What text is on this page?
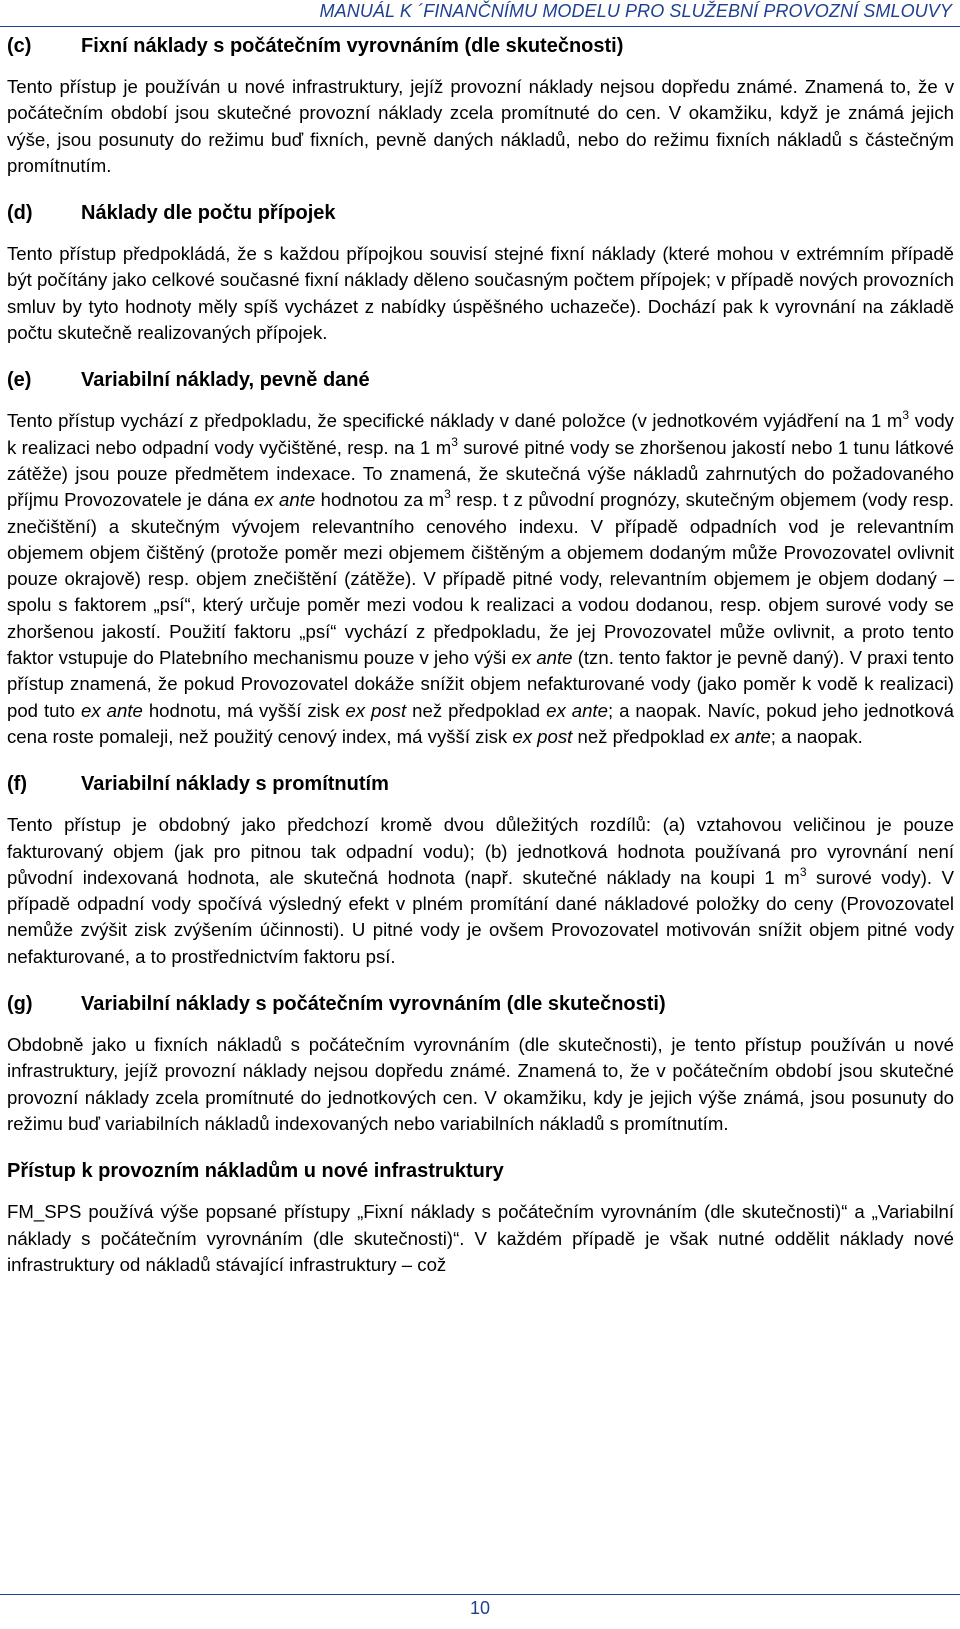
MANUÁL K ´FINANČNÍMU MODELU PRO SLUŽEBNÍ PROVOZNÍ SMLOUVY
(c)	Fixní náklady s počátečním vyrovnáním (dle skutečnosti)

Tento přístup je používán u nové infrastruktury, jejíž provozní náklady nejsou dopředu známé. Znamená to, že v počátečním období jsou skutečné provozní náklady zcela promítnuté do cen. V okamžiku, když je známá jejich výše, jsou posunuty do režimu buď fixních, pevně daných nákladů, nebo do režimu fixních nákladů s částečným promítnutím.

(d)	Náklady dle počtu přípojek

Tento přístup předpokládá, že s každou přípojkou souvisí stejné fixní náklady (které mohou v extrémním případě být počítány jako celkové současné fixní náklady děleno současným počtem přípojek; v případě nových provozních smluv by tyto hodnoty měly spíš vycházet z nabídky úspěšného uchazeče). Dochází pak k vyrovnání na základě počtu skutečně realizovaných přípojek.

(e)	Variabilní náklady, pevně dané

Tento přístup vychází z předpokladu, že specifické náklady v dané položce (v jednotkovém vyjádření na 1 $m^3$ vody k realizaci nebo odpadní vody vyčištěné, resp. na 1 $m^3$ surové pitné vody se zhoršenou jakostí nebo 1 tunu látkové zátěže) jsou pouze předmětem indexace. To znamená, že skutečná výše nákladů zahrnutých do požadovaného příjmu Provozovatele je dána ex ante hodnotou za $m^3$ resp. t z původní prognózy, skutečným objemem (vody resp. znečištění) a skutečným vývojem relevantního cenového indexu. V případě odpadních vod je relevantním objemem objem čištěný (protože poměr mezi objemem čištěným a objemem dodaným může Provozovatel ovlivnit pouze okrajově) resp. objem znečištění (zátěže). V případě pitné vody, relevantním objemem je objem dodaný – spolu s faktorem „psí“, který určuje poměr mezi vodou k realizaci a vodou dodanou, resp. objem surové vody se zhoršenou jakostí. Použití faktoru „psí“ vychází z předpokladu, že jej Provozovatel může ovlivnit, a proto tento faktor vstupuje do Platebního mechanismu pouze v jeho výši ex ante (tzn. tento faktor je pevně daný). V praxi tento přístup znamená, že pokud Provozovatel dokáže snížit objem nefakturované vody (jako poměr k vodě k realizaci) pod tuto ex ante hodnotu, má vyšší zisk ex post než předpoklad ex ante; a naopak. Navíc, pokud jeho jednotková cena roste pomaleji, než použitý cenový index, má vyšší zisk ex post než předpoklad ex ante; a naopak.

(f)	Variabilní náklady s promítnutím

Tento přístup je obdobný jako předchozí kromě dvou důležitých rozdílů: (a) vztahovou veličinou je pouze fakturovaný objem (jak pro pitnou tak odpadní vodu); (b) jednotková hodnota používaná pro vyrovnání není původní indexovaná hodnota, ale skutečná hodnota (např. skutečné náklady na koupi 1 $m^3$ surové vody). V případě odpadní vody spočívá výsledný efekt v plném promítání dané nákladové položky do ceny (Provozovatel nemůže zvýšit zisk zvýšením účinnosti). U pitné vody je ovšem Provozovatel motivován snížit objem pitné vody nefakturované, a to prostřednictvím faktoru psí.

(g)	Variabilní náklady s počátečním vyrovnáním (dle skutečnosti)

Obdobně jako u fixních nákladů s počátečním vyrovnáním (dle skutečnosti), je tento přístup používán u nové infrastruktury, jejíž provozní náklady nejsou dopředu známé. Znamená to, že v počátečním období jsou skutečné provozní náklady zcela promítnuté do jednotkových cen. V okamžiku, kdy je jejich výše známá, jsou posunuty do režimu buď variabilních nákladů indexovaných nebo variabilních nákladů s promítnutím.

Přístup k provozním nákladům u nové infrastruktury

FM_SPS používá výše popsané přístupy „Fixní náklady s počátečním vyrovnáním (dle skutečnosti)“ a „Variabilní náklady s počátečním vyrovnáním (dle skutečnosti)“. V každém případě je však nutné oddělit náklady nové infrastruktury od nákladů stávající infrastruktury – což

10
